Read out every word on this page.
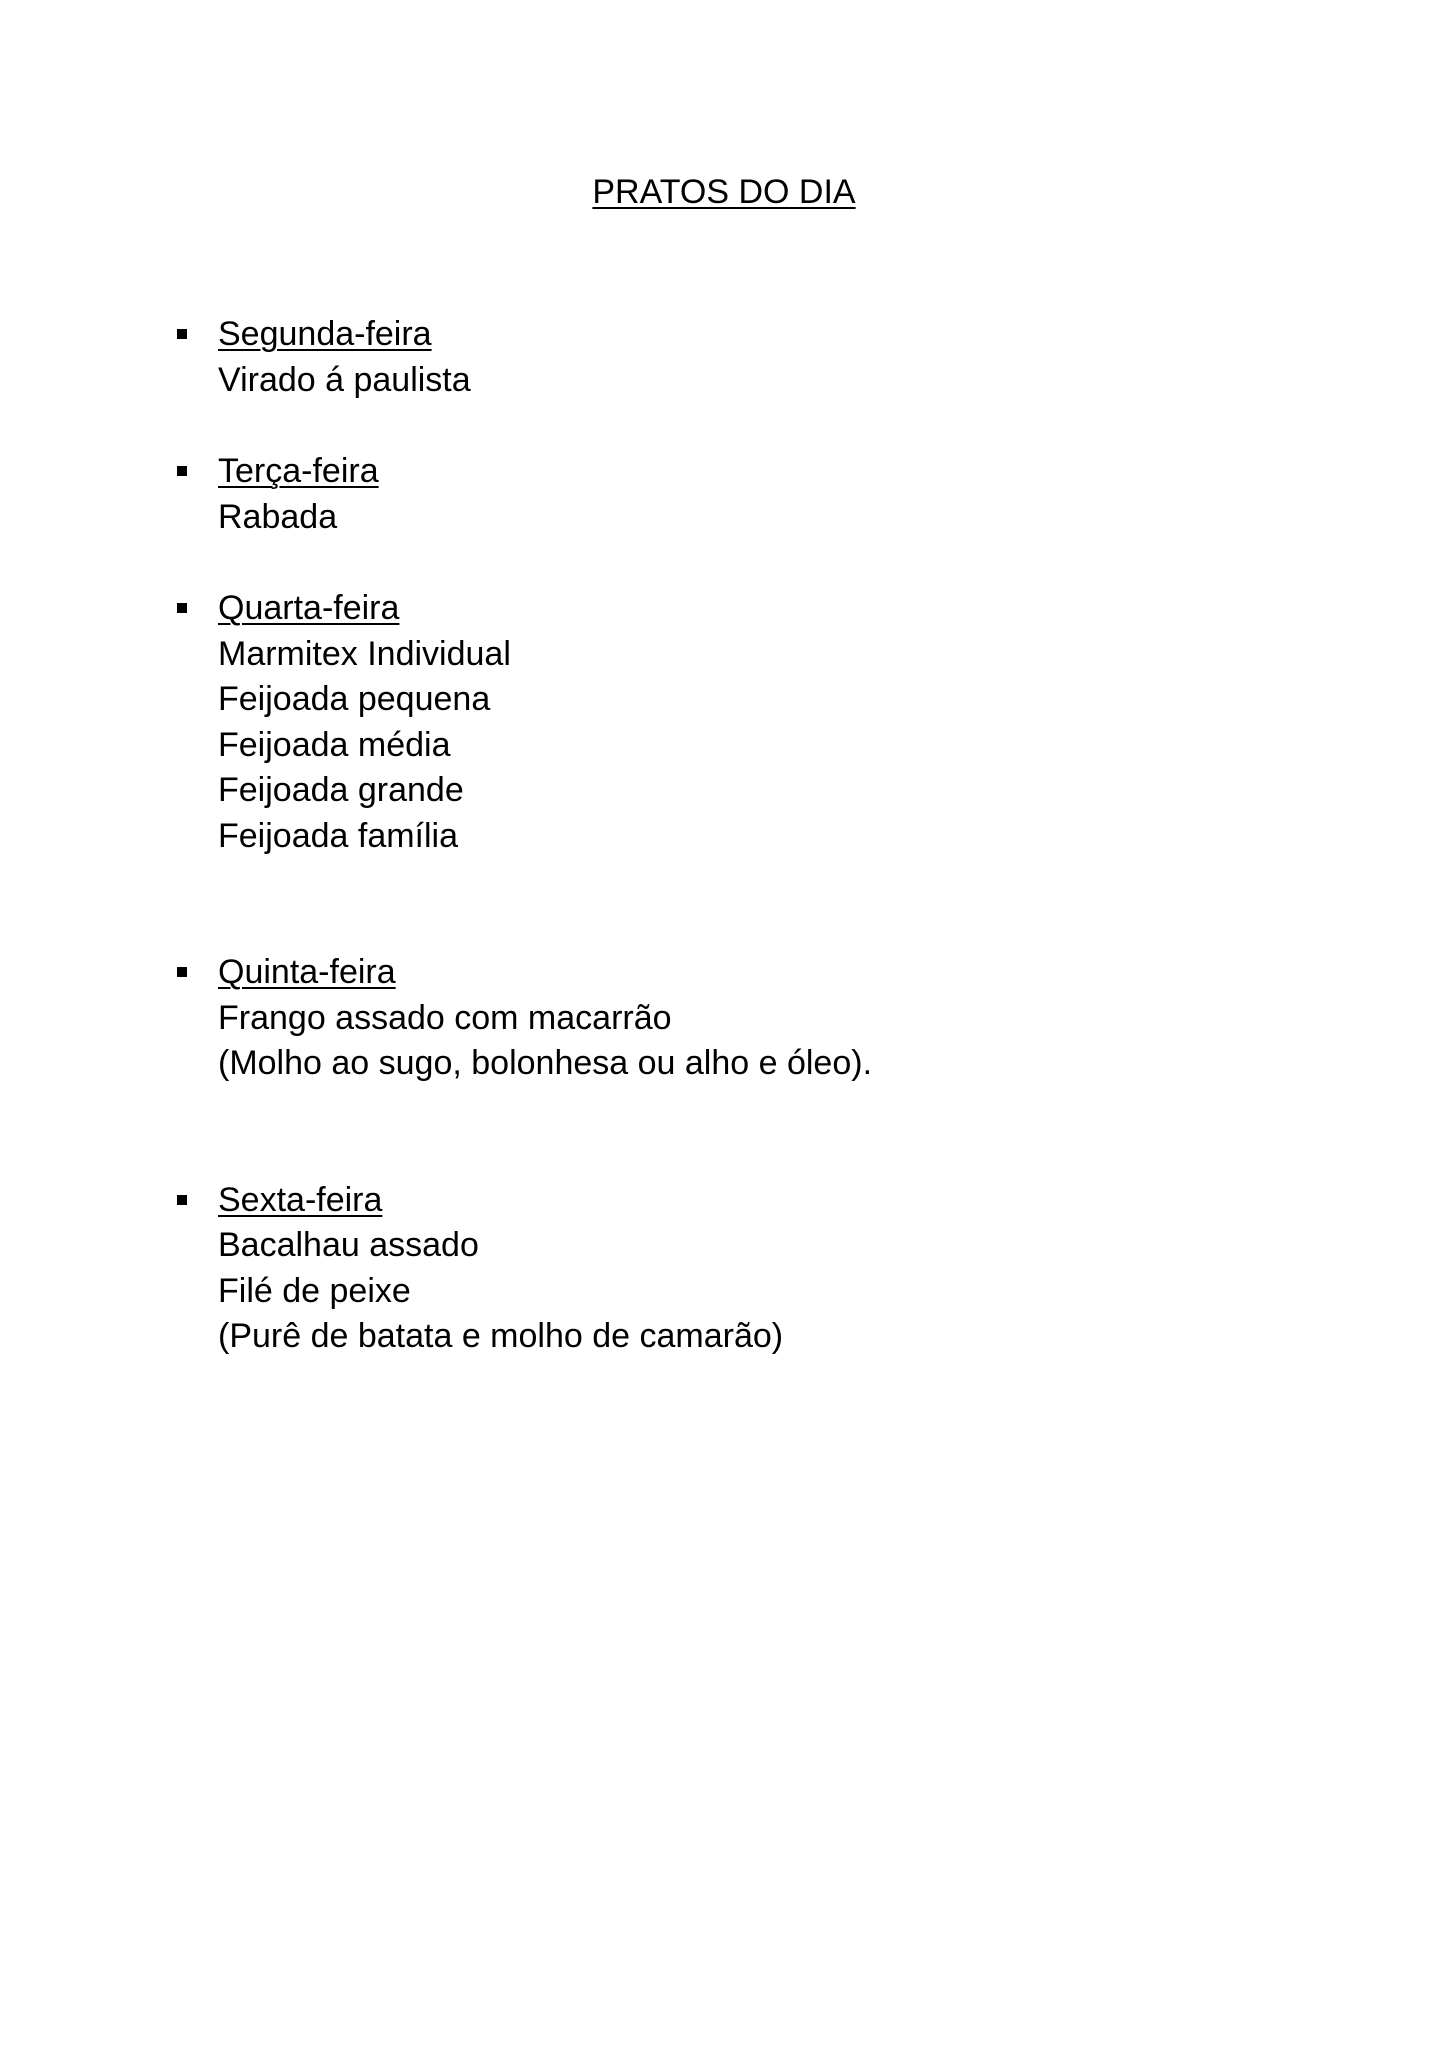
PRATOS DO DIA
Segunda-feira
Virado á paulista
Terça-feira
Rabada
Quarta-feira
Marmitex Individual
Feijoada pequena
Feijoada média
Feijoada grande
Feijoada família
Quinta-feira
Frango assado com macarrão
(Molho ao sugo, bolonhesa ou alho e óleo).
Sexta-feira
Bacalhau assado
Filé de peixe
(Purê de batata e molho de camarão)
